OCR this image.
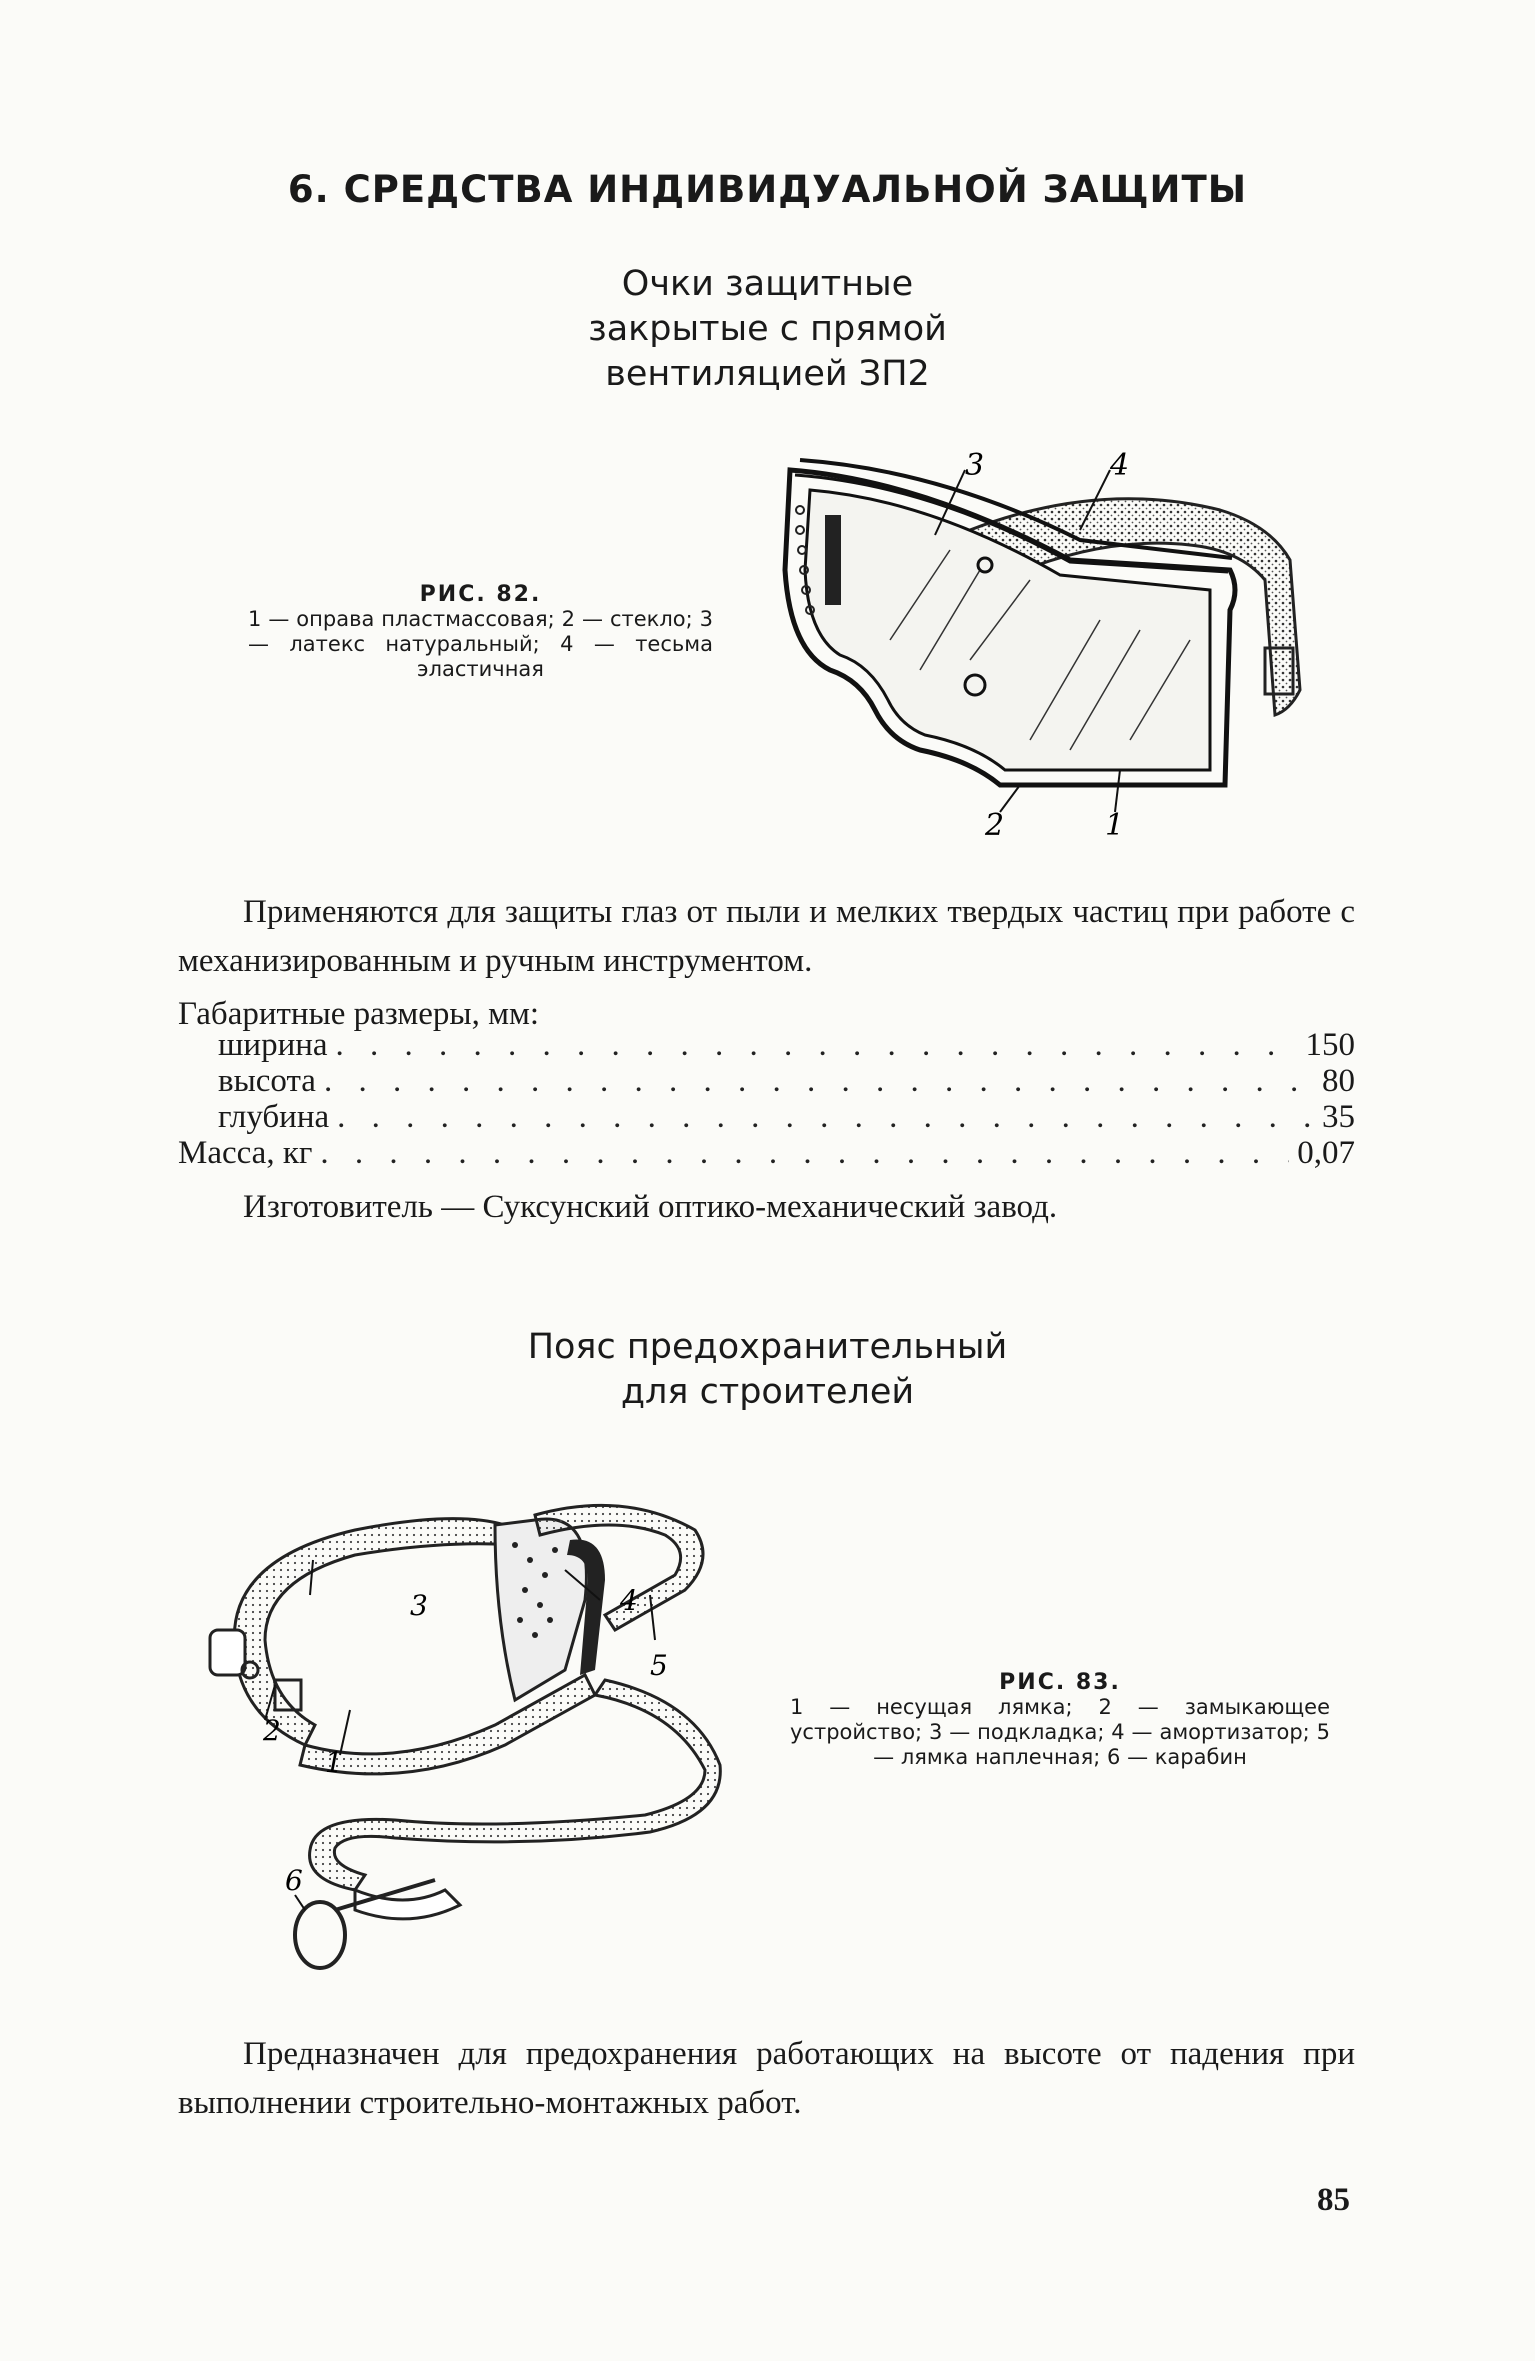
6. СРЕДСТВА ИНДИВИДУАЛЬНОЙ ЗАЩИТЫ
Очки защитные
закрытые с прямой
вентиляцией ЗП2
РИС. 82.
1 — оправа пластмассовая; 2 — стекло; 3 — латекс натуральный; 4 — тесьма эластичная
3	4
2	1
Применяются для защиты глаз от пыли и мелких твердых частиц при работе с механизированным и ручным инструментом.
Габаритные размеры, мм:
ширина . . .	150
высота . . .	80
глубина . . .	35
Масса, кг . . .	0,07
Изготовитель — Суксунский оптико-механический завод.
Пояс предохранительный
для строителей
3	4
5
2
1
6
РИС. 83.
1 — несущая лямка; 2 — замыкающее устройство; 3 — подкладка; 4 — амортизатор; 5 — лямка наплечная; 6 — карабин
Предназначен для предохранения работающих на высоте от падения при выполнении строительно-монтажных работ.
85
